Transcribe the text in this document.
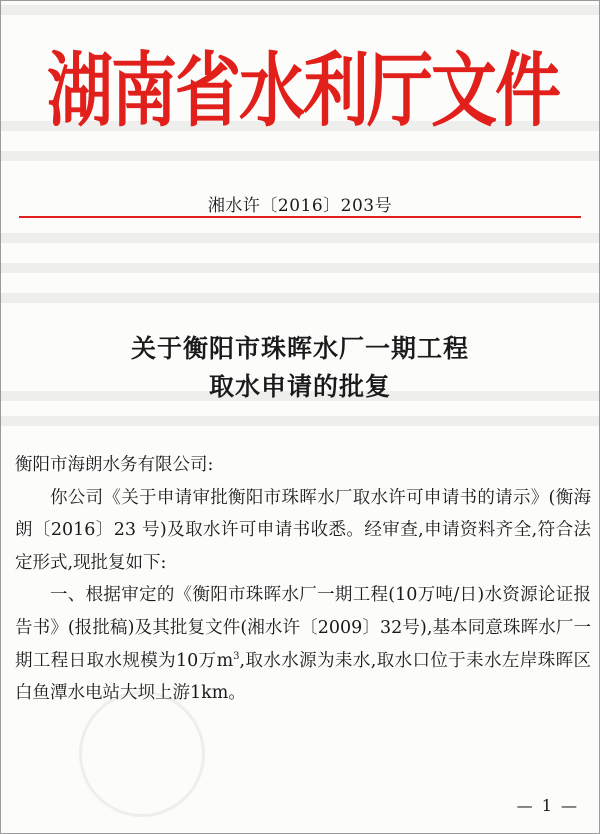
湖南省水利厅文件
湘水许〔2016〕203号
关于衡阳市珠晖水厂一期工程
取水申请的批复

衡阳市海朗水务有限公司:

你公司《关于申请审批衡阳市珠晖水厂取水许可申请书的请示》(衡海朗〔2016〕23 号)及取水许可申请书收悉。经审查,申请资料齐全,符合法定形式,现批复如下:

一、根据审定的《衡阳市珠晖水厂一期工程(10万吨/日)水资源论证报告书》(报批稿)及其批复文件(湘水许〔2009〕32号),基本同意珠晖水厂一期工程日取水规模为10万$m^3$,取水水源为耒水,取水口位于耒水左岸珠晖区白鱼潭水电站大坝上游1km。

— 1 —
